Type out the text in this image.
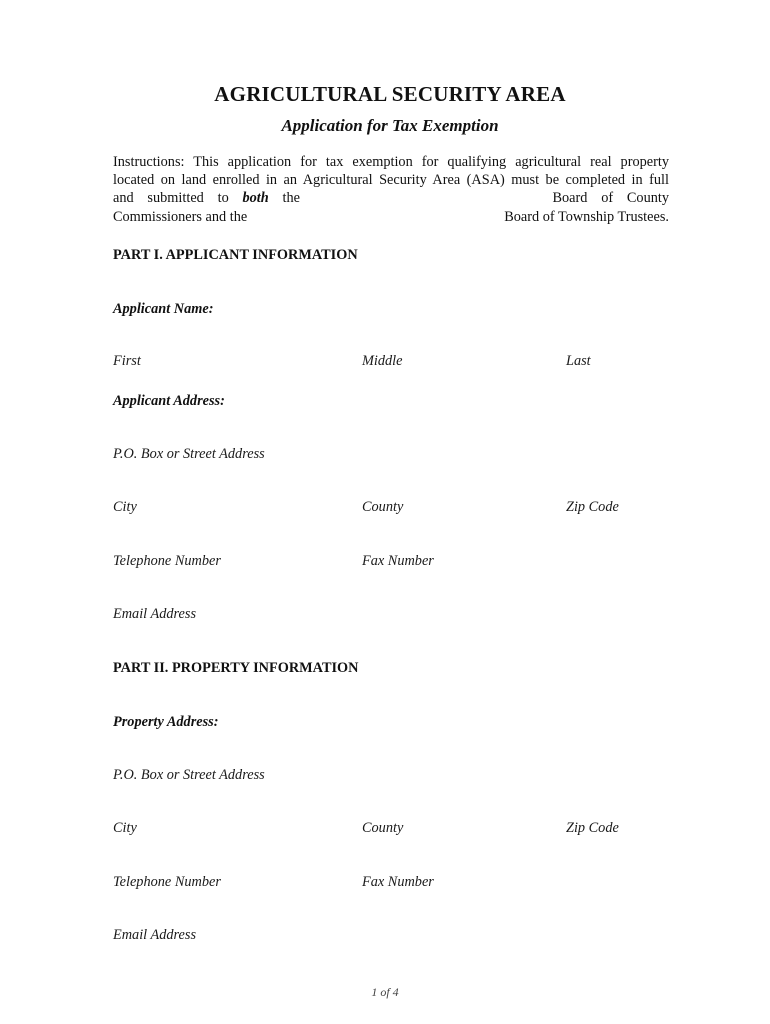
AGRICULTURAL SECURITY AREA
Application for Tax Exemption
Instructions: This application for tax exemption for qualifying agricultural real property
located on land enrolled in an Agricultural Security Area (ASA) must be completed in full
and submitted to both the	Board of County
Commissioners and the	Board of Township Trustees.
PART I. APPLICANT INFORMATION
Applicant Name:
First	Middle	Last
Applicant Address:
P.O. Box or Street Address
City	County	Zip Code
Telephone Number	Fax Number
Email Address
PART II. PROPERTY INFORMATION
Property Address:
P.O. Box or Street Address
City	County	Zip Code
Telephone Number	Fax Number
Email Address
1 of 4
